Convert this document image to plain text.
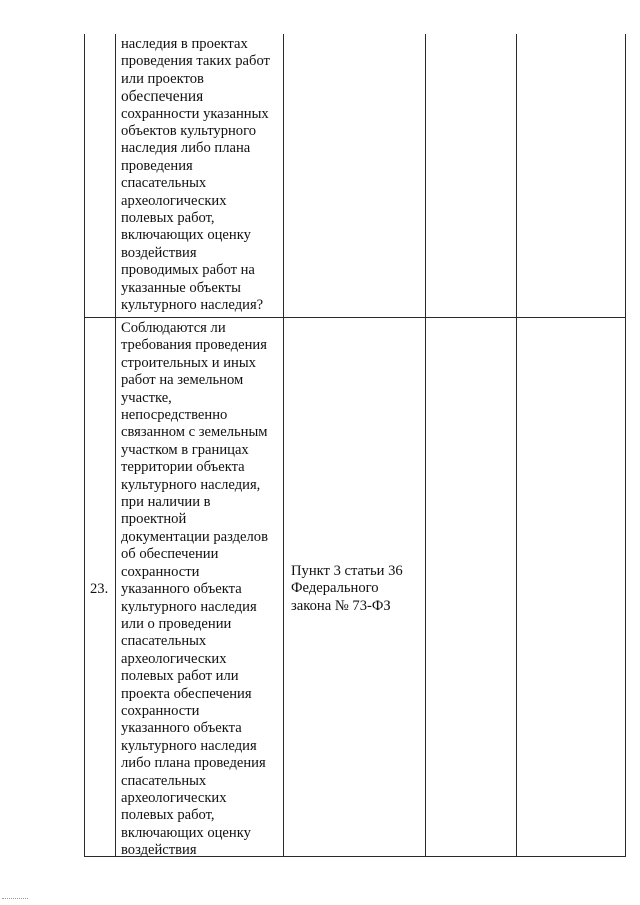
наследия в проектах
проведения таких работ
или проектов
обеспечения
сохранности указанных
объектов культурного
наследия либо плана
проведения
спасательных
археологических
полевых работ,
включающих оценку
воздействия
проводимых работ на
указанные объекты
культурного наследия?
23.
Соблюдаются ли
требования проведения
строительных и иных
работ на земельном
участке,
непосредственно
связанном с земельным
участком в границах
территории объекта
культурного наследия,
при наличии в
проектной
документации разделов
об обеспечении
сохранности
указанного объекта
культурного наследия
или о проведении
спасательных
археологических
полевых работ или
проекта обеспечения
сохранности
указанного объекта
культурного наследия
либо плана проведения
спасательных
археологических
полевых работ,
включающих оценку
воздействия
Пункт 3 статьи 36
Федерального
закона № 73-ФЗ
